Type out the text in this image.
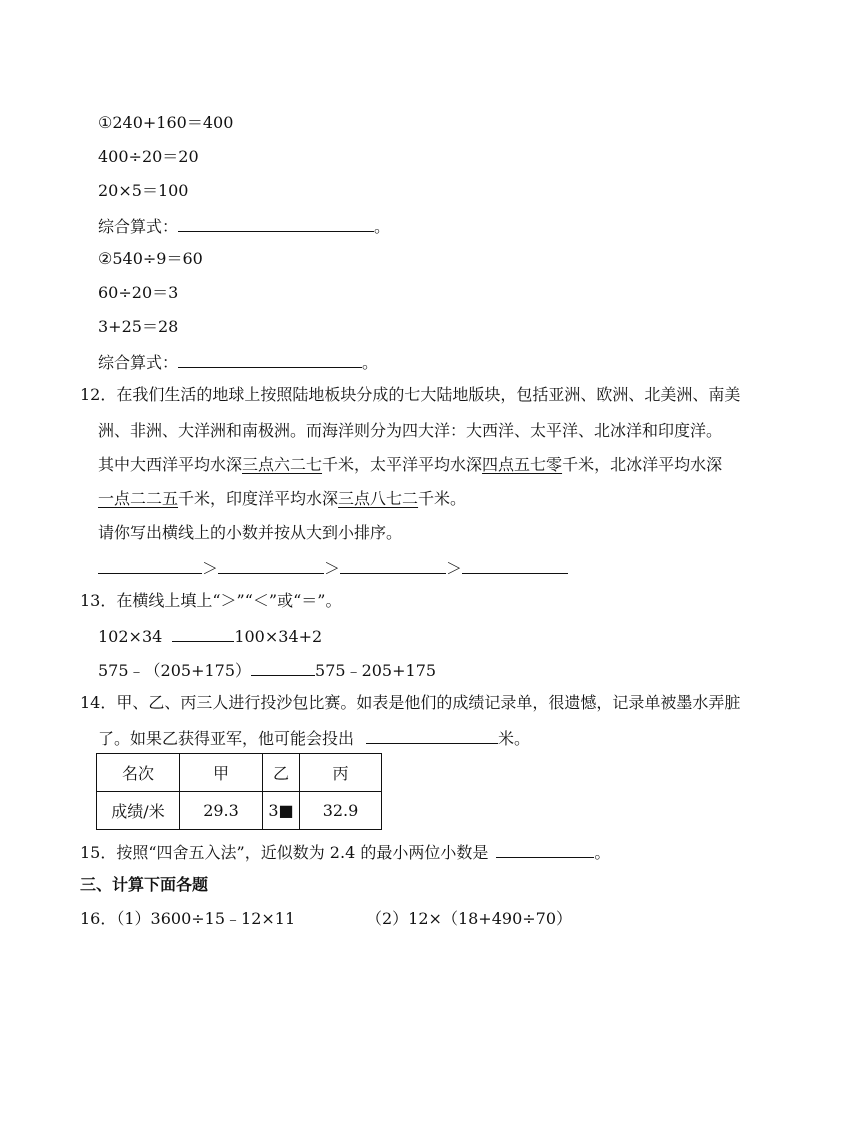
①240+160＝400
400÷20＝20
20×5＝100
综合算式：	。
②540÷9＝60
60÷20＝3
3+25＝28
综合算式：	。
12．在我们生活的地球上按照陆地板块分成的七大陆地版块，包括亚洲、欧洲、北美洲、南美
洲、非洲、大洋洲和南极洲。而海洋则分为四大洋：大西洋、太平洋、北冰洋和印度洋。
其中大西洋平均水深三点六二七千米，太平洋平均水深四点五七零千米，北冰洋平均水深
一点二二五千米，印度洋平均水深三点八七二千米。
请你写出横线上的小数并按从大到小排序。
＞	＞	＞
13．在横线上填上“＞”“＜”或“＝”。
102×34	100×34+2
575﹣（205+175）	575﹣205+175
14．甲、乙、丙三人进行投沙包比赛。如表是他们的成绩记录单，很遗憾，记录单被墨水弄脏
了。如果乙获得亚军，他可能会投出	米。
名次	甲	乙	丙
成绩/米	29.3	3■	32.9
15．按照“四舍五入法”，近似数为 2.4 的最小两位小数是	。
三、计算下面各题
16．（1）3600÷15﹣12×11	（2）12×（18+490÷70）
